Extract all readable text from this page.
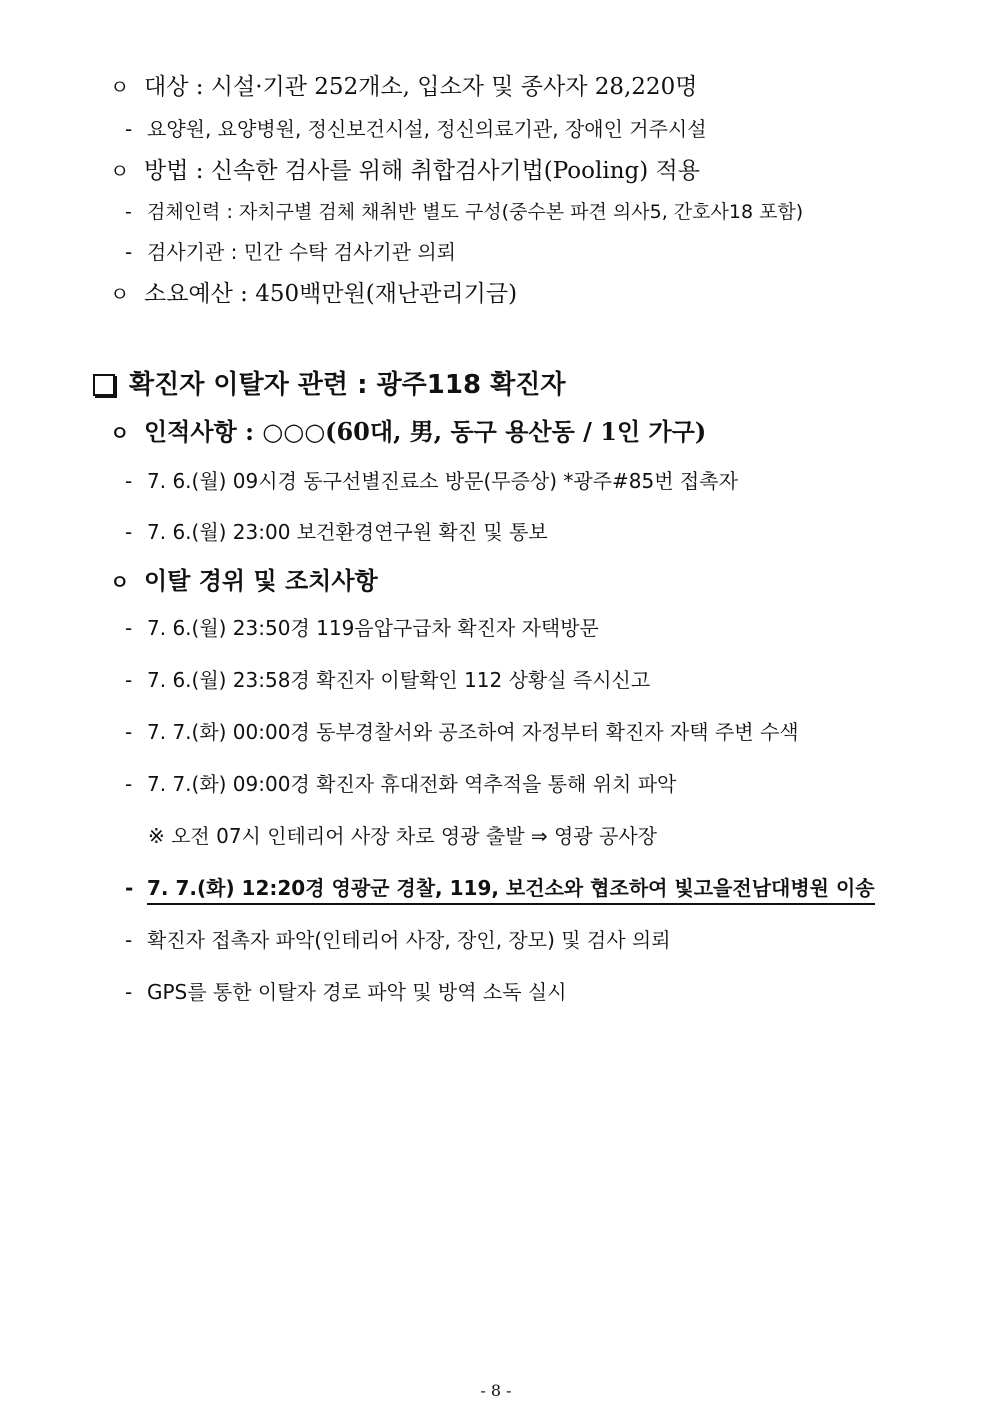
ㅇ 대상 : 시설·기관 252개소, 입소자 및 종사자 28,220명
- 요양원, 요양병원, 정신보건시설, 정신의료기관, 장애인 거주시설
ㅇ 방법 : 신속한 검사를 위해 취합검사기법(Pooling) 적용
- 검체인력 : 자치구별 검체 채취반 별도 구성(중수본 파견 의사5, 간호사18 포함)
- 검사기관 : 민간 수탁 검사기관 의뢰
ㅇ 소요예산 : 450백만원(재난관리기금)
확진자 이탈자 관련 : 광주118 확진자
ㅇ 인적사항 : ○○○(60대, 男, 동구 용산동 / 1인 가구)
- 7. 6.(월) 09시경 동구선별진료소 방문(무증상) *광주#85번 접촉자
- 7. 6.(월) 23:00 보건환경연구원 확진 및 통보
ㅇ 이탈 경위 및 조치사항
- 7. 6.(월) 23:50경 119음압구급차 확진자 자택방문
- 7. 6.(월) 23:58경 확진자 이탈확인 112 상황실 즉시신고
- 7. 7.(화) 00:00경 동부경찰서와 공조하여 자정부터 확진자 자택 주변 수색
- 7. 7.(화) 09:00경 확진자 휴대전화 역추적을 통해 위치 파악
※ 오전 07시 인테리어 사장 차로 영광 출발 ⇒ 영광 공사장
- 7. 7.(화) 12:20경 영광군 경찰, 119, 보건소와 협조하여 빛고을전남대병원 이송
- 확진자 접촉자 파악(인테리어 사장, 장인, 장모) 및 검사 의뢰
- GPS를 통한 이탈자 경로 파악 및 방역 소독 실시
- 8 -
